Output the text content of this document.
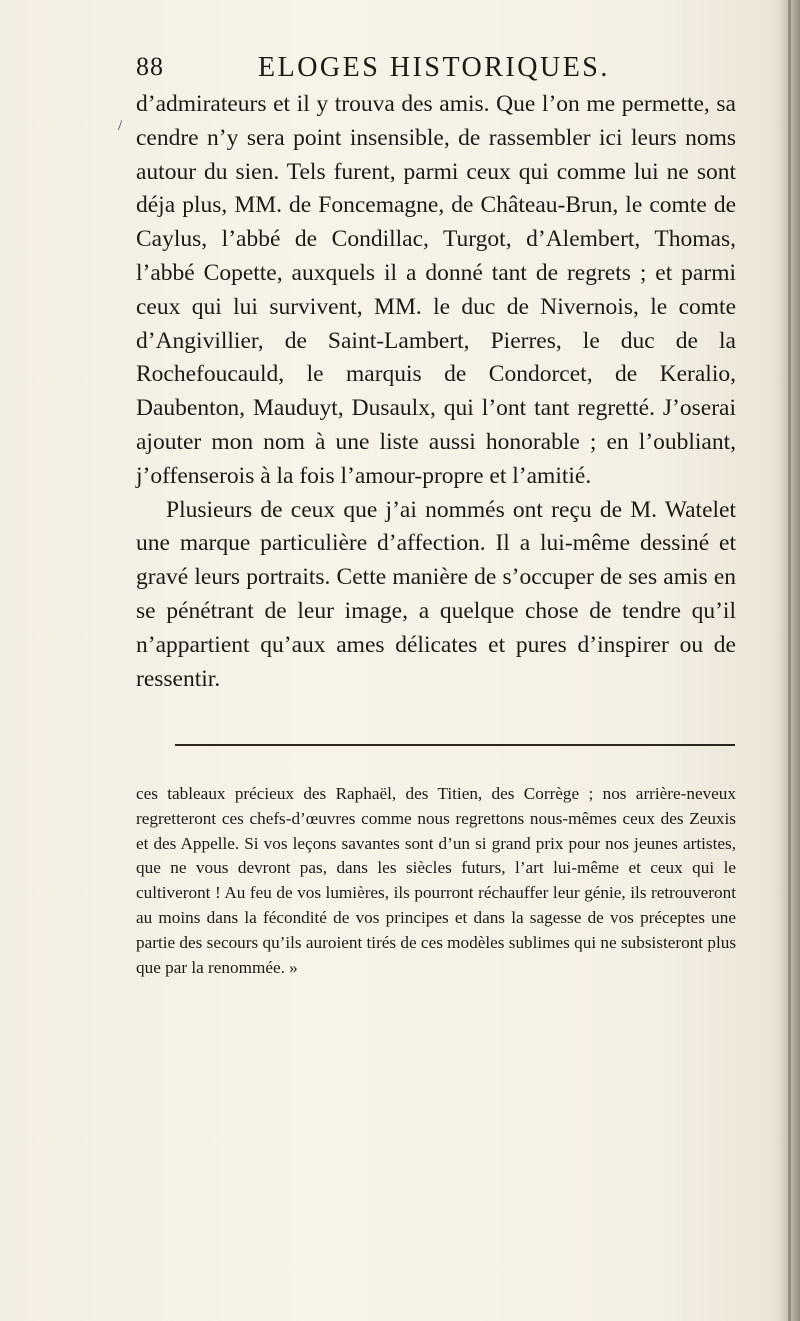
88	ELOGES HISTORIQUES.
/

d’admirateurs et il y trouva des amis. Que l’on me permette, sa cendre n’y sera point insensible, de rassembler ici leurs noms autour du sien. Tels furent, parmi ceux qui comme lui ne sont déja plus, MM. de Foncemagne, de Château-Brun, le comte de Caylus, l’abbé de Condillac, Turgot, d’Alembert, Thomas, l’abbé Copette, auxquels il a donné tant de regrets ; et parmi ceux qui lui survivent, MM. le duc de Nivernois, le comte d’Angivillier, de Saint-Lambert, Pierres, le duc de la Rochefoucauld, le marquis de Condorcet, de Keralio, Daubenton, Mauduyt, Dusaulx, qui l’ont tant regretté. J’oserai ajouter mon nom à une liste aussi honorable ; en l’oubliant, j’offenserois à la fois l’amour-propre et l’amitié.

Plusieurs de ceux que j’ai nommés ont reçu de M. Watelet une marque particulière d’affection. Il a lui-même dessiné et gravé leurs portraits. Cette manière de s’occuper de ses amis en se pénétrant de leur image, a quelque chose de tendre qu’il n’appartient qu’aux ames délicates et pures d’inspirer ou de ressentir.

ces tableaux précieux des Raphaël, des Titien, des Corrège ; nos arrière-neveux regretteront ces chefs-d’œuvres comme nous regrettons nous-mêmes ceux des Zeuxis et des Appelle. Si vos leçons savantes sont d’un si grand prix pour nos jeunes artistes, que ne vous devront pas, dans les siècles futurs, l’art lui-même et ceux qui le cultiveront ! Au feu de vos lumières, ils pourront réchauffer leur génie, ils retrouveront au moins dans la fécondité de vos principes et dans la sagesse de vos préceptes une partie des secours qu’ils auroient tirés de ces modèles sublimes qui ne subsisteront plus que par la renommée. »
